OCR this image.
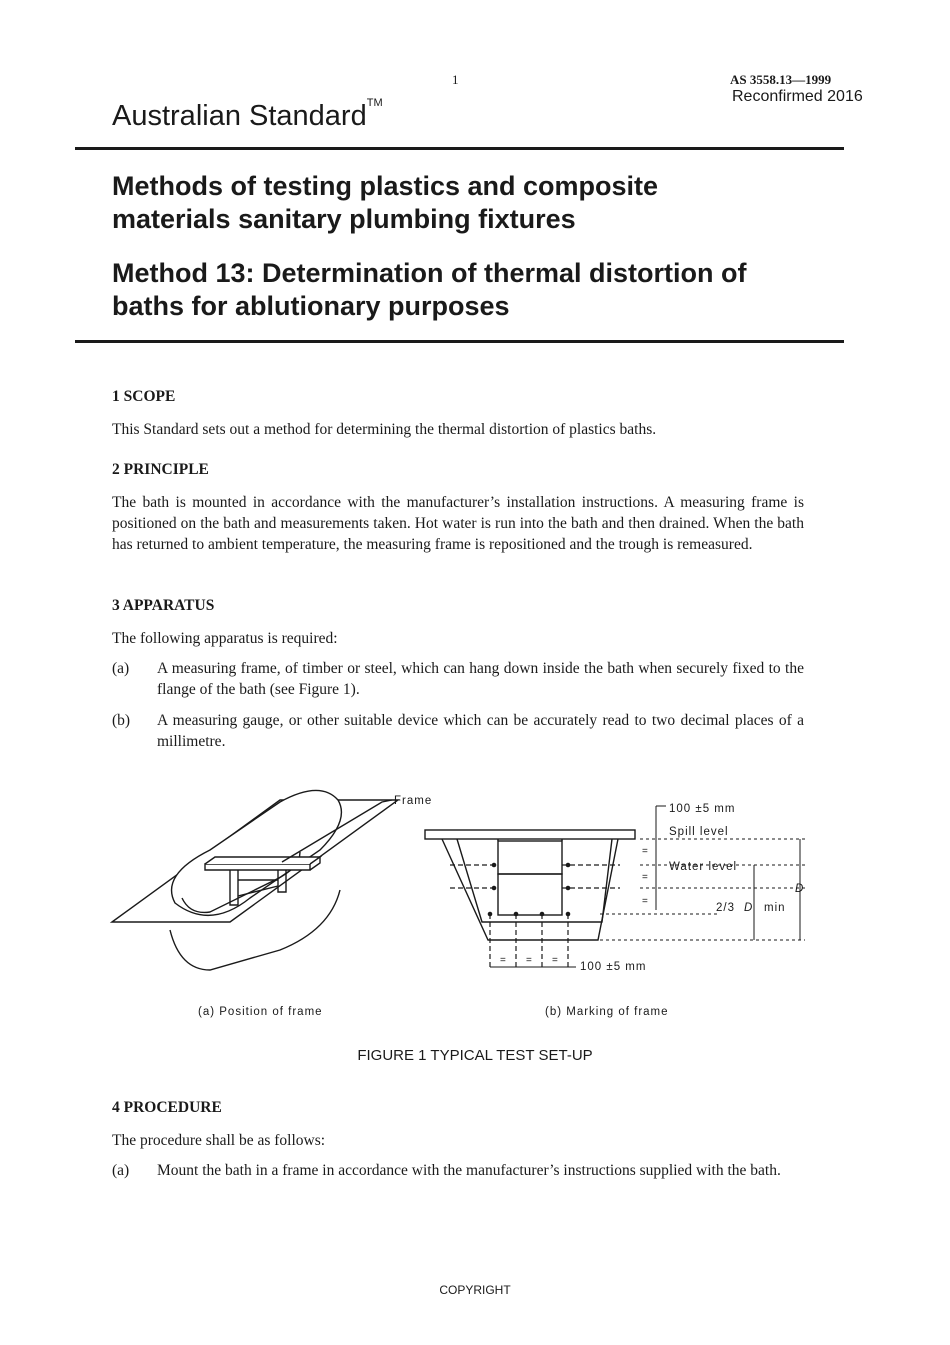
1	AS 3558.13—1999
Reconfirmed 2016
Australian Standard™
Methods of testing plastics and composite
materials sanitary plumbing fixtures
Method 13: Determination of thermal distortion of
baths for ablutionary purposes
1 SCOPE
This Standard sets out a method for determining the thermal distortion of plastics baths.
2 PRINCIPLE
The bath is mounted in accordance with the manufacturer’s installation instructions. A measuring frame is positioned on the bath and measurements taken. Hot water is run into the bath and then drained. When the bath has returned to ambient temperature, the measuring frame is repositioned and the trough is remeasured.
3 APPARATUS
The following apparatus is required:
(a) A measuring frame, of timber or steel, which can hang down inside the bath when securely fixed to the flange of the bath (see Figure 1).
(b) A measuring gauge, or other suitable device which can be accurately read to two decimal places of a millimetre.
Frame
100 ±5 mm
Spill level
Water level
D
2/3 D min
100 ±5 mm
=
=
=
= = =
(a) Position of frame	(b) Marking of frame
FIGURE 1 TYPICAL TEST SET-UP
4 PROCEDURE
The procedure shall be as follows:
(a) Mount the bath in a frame in accordance with the manufacturer’s instructions supplied with the bath.
COPYRIGHT
